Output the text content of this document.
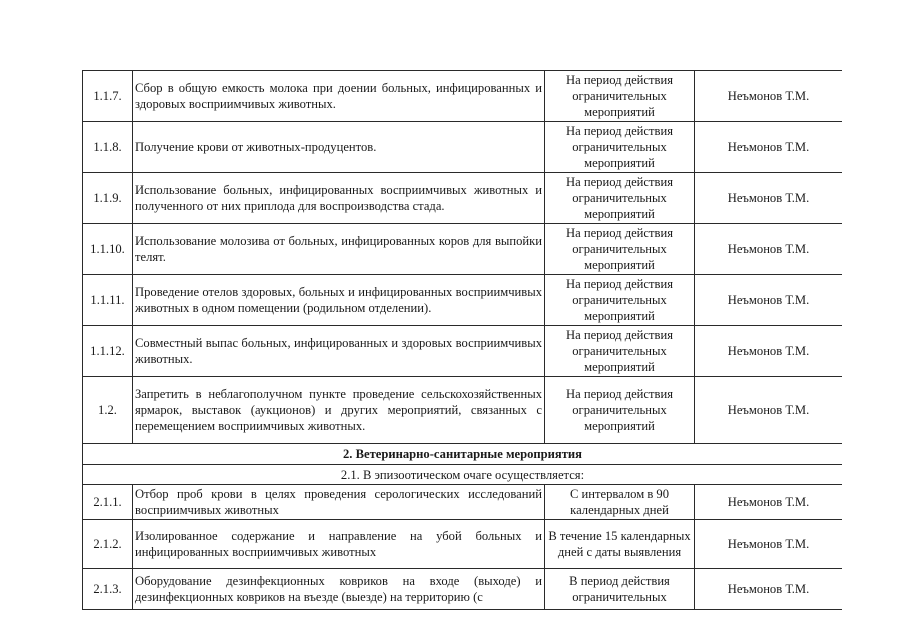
1.1.7.	Сбор в общую емкость молока при доении больных, инфицированных и здоровых восприимчивых животных.	На период действия ограничительных мероприятий	Неъмонов Т.М.
1.1.8.	Получение крови от животных-продуцентов.	На период действия ограничительных мероприятий	Неъмонов Т.М.
1.1.9.	Использование больных, инфицированных восприимчивых животных и полученного от них приплода для воспроизводства стада.	На период действия ограничительных мероприятий	Неъмонов Т.М.
1.1.10.	Использование молозива от больных, инфицированных коров для выпойки телят.	На период действия ограничительных мероприятий	Неъмонов Т.М.
1.1.11.	Проведение отелов здоровых, больных и инфицированных восприимчивых животных в одном помещении (родильном отделении).	На период действия ограничительных мероприятий	Неъмонов Т.М.
1.1.12.	Совместный выпас больных, инфицированных и здоровых восприимчивых животных.	На период действия ограничительных мероприятий	Неъмонов Т.М.
1.2.	Запретить в неблагополучном пункте проведение сельскохозяйственных ярмарок, выставок (аукционов) и других мероприятий, связанных с перемещением восприимчивых животных.	На период действия ограничительных мероприятий	Неъмонов Т.М.
2. Ветеринарно-санитарные мероприятия			
2.1. В эпизоотическом очаге осуществляется:			
2.1.1.	Отбор проб крови в целях проведения серологических исследований восприимчивых животных	С интервалом в 90 календарных дней	Неъмонов Т.М.
2.1.2.	Изолированное содержание и направление на убой больных и инфицированных восприимчивых животных	В течение 15 календарных дней с даты выявления	Неъмонов Т.М.
2.1.3.	Оборудование дезинфекционных ковриков на входе (выходе) и дезинфекционных ковриков на въезде (выезде) на территорию (с	В период действия ограничительных	Неъмонов Т.М.
